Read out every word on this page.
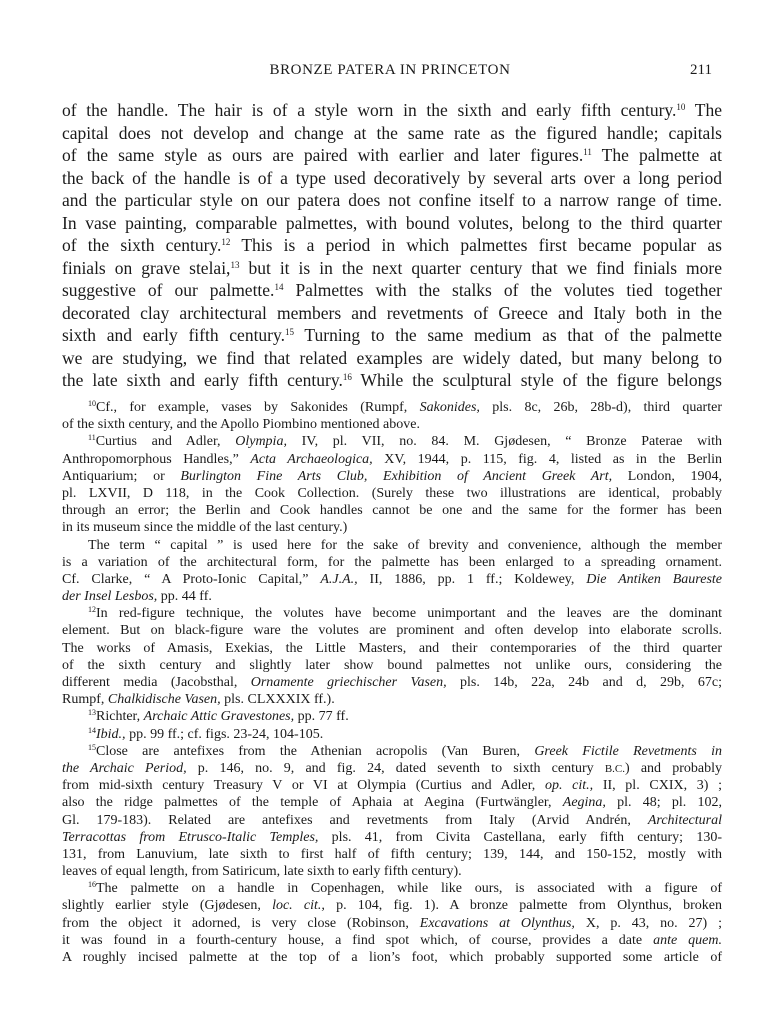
BRONZE PATERA IN PRINCETON	211
of the handle. The hair is of a style worn in the sixth and early fifth century.$^{10}$ The
capital does not develop and change at the same rate as the figured handle; capitals
of the same style as ours are paired with earlier and later figures.$^{11}$ The palmette at
the back of the handle is of a type used decoratively by several arts over a long period
and the particular style on our patera does not confine itself to a narrow range of time.
In vase painting, comparable palmettes, with bound volutes, belong to the third quarter
of the sixth century.$^{12}$ This is a period in which palmettes first became popular as
finials on grave stelai,$^{13}$ but it is in the next quarter century that we find finials more
suggestive of our palmette.$^{14}$ Palmettes with the stalks of the volutes tied together
decorated clay architectural members and revetments of Greece and Italy both in the
sixth and early fifth century.$^{15}$ Turning to the same medium as that of the palmette
we are studying, we find that related examples are widely dated, but many belong to
the late sixth and early fifth century.$^{16}$ While the sculptural style of the figure belongs
$^{10}$Cf., for example, vases by Sakonides (Rumpf, Sakonides, pls. 8c, 26b, 28b-d), third quarter
of the sixth century, and the Apollo Piombino mentioned above.
$^{11}$Curtius and Adler, Olympia, IV, pl. VII, no. 84. M. Gjødesen, “ Bronze Paterae with
Anthropomorphous Handles,” Acta Archaeologica, XV, 1944, p. 115, fig. 4, listed as in the Berlin
Antiquarium; or Burlington Fine Arts Club, Exhibition of Ancient Greek Art, London, 1904,
pl. LXVII, D 118, in the Cook Collection. (Surely these two illustrations are identical, probably
through an error; the Berlin and Cook handles cannot be one and the same for the former has been
in its museum since the middle of the last century.)
The term “ capital ” is used here for the sake of brevity and convenience, although the member
is a variation of the architectural form, for the palmette has been enlarged to a spreading ornament.
Cf. Clarke, “ A Proto-Ionic Capital,” A.J.A., II, 1886, pp. 1 ff.; Koldewey, Die Antiken Baureste
der Insel Lesbos, pp. 44 ff.
$^{12}$In red-figure technique, the volutes have become unimportant and the leaves are the dominant
element. But on black-figure ware the volutes are prominent and often develop into elaborate scrolls.
The works of Amasis, Exekias, the Little Masters, and their contemporaries of the third quarter
of the sixth century and slightly later show bound palmettes not unlike ours, considering the
different media (Jacobsthal, Ornamente griechischer Vasen, pls. 14b, 22a, 24b and d, 29b, 67c;
Rumpf, Chalkidische Vasen, pls. CLXXXIX ff.).
$^{13}$Richter, Archaic Attic Gravestones, pp. 77 ff.
$^{14}$Ibid., pp. 99 ff.; cf. figs. 23-24, 104-105.
$^{15}$Close are antefixes from the Athenian acropolis (Van Buren, Greek Fictile Revetments in
the Archaic Period, p. 146, no. 9, and fig. 24, dated seventh to sixth century B.C.) and probably
from mid-sixth century Treasury V or VI at Olympia (Curtius and Adler, op. cit., II, pl. CXIX, 3) ;
also the ridge palmettes of the temple of Aphaia at Aegina (Furtwängler, Aegina, pl. 48; pl. 102,
Gl. 179-183). Related are antefixes and revetments from Italy (Arvid Andrén, Architectural
Terracottas from Etrusco-Italic Temples, pls. 41, from Civita Castellana, early fifth century; 130-
131, from Lanuvium, late sixth to first half of fifth century; 139, 144, and 150-152, mostly with
leaves of equal length, from Satiricum, late sixth to early fifth century).
$^{16}$The palmette on a handle in Copenhagen, while like ours, is associated with a figure of
slightly earlier style (Gjødesen, loc. cit., p. 104, fig. 1). A bronze palmette from Olynthus, broken
from the object it adorned, is very close (Robinson, Excavations at Olynthus, X, p. 43, no. 27) ;
it was found in a fourth-century house, a find spot which, of course, provides a date ante quem.
A roughly incised palmette at the top of a lion’s foot, which probably supported some article of
